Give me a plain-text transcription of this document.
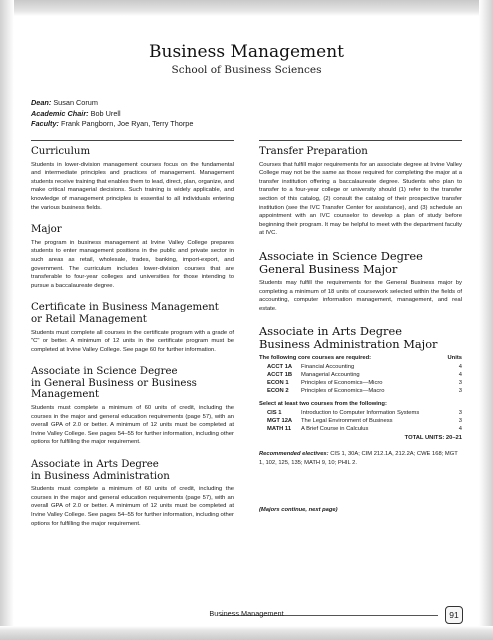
Business Management
School of Business Sciences
Dean: Susan Corum
Academic Chair: Bob Urell
Faculty: Frank Pangborn, Joe Ryan, Terry Thorpe
Curriculum

Students in lower-division management courses focus on the fundamental and intermediate principles and practices of management. Management students receive training that enables them to lead, direct, plan, organize, and make critical managerial decisions. Such training is widely applicable, and knowledge of management principles is essential to all individuals entering the various business fields.

Major

The program in business management at Irvine Valley College prepares students to enter management positions in the public and private sector in such areas as retail, wholesale, trades, banking, import-export, and government. The curriculum includes lower-division courses that are transferable to four-year colleges and universities for those intending to pursue a baccalaureate degree.

Certificate in Business Management
or Retail Management

Students must complete all courses in the certificate program with a grade of "C" or better. A minimum of 12 units in the certificate program must be completed at Irvine Valley College. See page 60 for further information.

Associate in Science Degree
in General Business or Business Management

Students must complete a minimum of 60 units of credit, including the courses in the major and general education requirements (page 57), with an overall GPA of 2.0 or better. A minimum of 12 units must be completed at Irvine Valley College. See pages 54–55 for further information, including other options for fulfilling the major requirement.

Associate in Arts Degree
in Business Administration

Students must complete a minimum of 60 units of credit, including the courses in the major and general education requirements (page 57), with an overall GPA of 2.0 or better. A minimum of 12 units must be completed at Irvine Valley College. See pages 54–55 for further information, including other options for fulfilling the major requirement.

Transfer Preparation

Courses that fulfill major requirements for an associate degree at Irvine Valley College may not be the same as those required for completing the major at a transfer institution offering a baccalaureate degree. Students who plan to transfer to a four-year college or university should (1) refer to the transfer section of this catalog, (2) consult the catalog of their prospective transfer institution (see the IVC Transfer Center for assistance), and (3) schedule an appointment with an IVC counselor to develop a plan of study before beginning their program. It may be helpful to meet with the department faculty at IVC.

Associate in Science Degree
General Business Major

Students may fulfill the requirements for the General Business major by completing a minimum of 18 units of coursework selected within the fields of accounting, computer information management, management, and real estate.

Associate in Arts Degree
Business Administration Major
The following core courses are required:	Units
ACCT 1A	Financial Accounting	4
ACCT 1B	Managerial Accounting	4
ECON 1	Principles of Economics—Micro	3
ECON 2	Principles of Economics—Macro	3
Select at least two courses from the following:
CIS 1	Introduction to Computer Information Systems	3
MGT 12A	The Legal Environment of Business	3
MATH 11	A Brief Course in Calculus	4
TOTAL UNITS: 20–21
Recommended electives: CIS 1, 30A; CIM 212.1A, 212.2A; CWE 168; MGT 1, 102, 125, 135; MATH 9, 10; PHIL 2.
(Majors continue, next page)
Business Management	91
